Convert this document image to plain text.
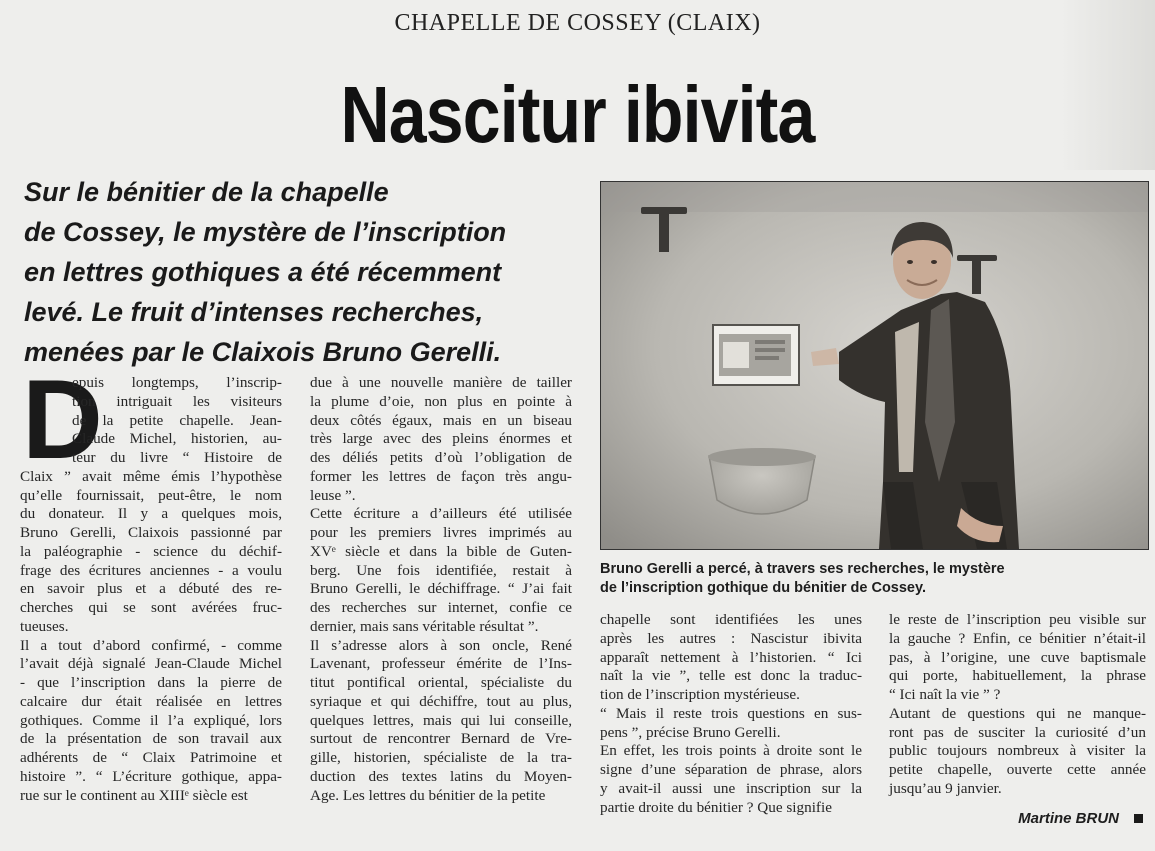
CHAPELLE DE COSSEY (CLAIX)
Nascitur ibivita
Sur le bénitier de la chapelle
de Cossey, le mystère de l’inscription
en lettres gothiques a été récemment
levé. Le fruit d’intenses recherches,
menées par le Claixois Bruno Gerelli.
D
epuis longtemps, l’inscrip-
tion intriguait les visiteurs
de la petite chapelle. Jean-
Claude Michel, historien, au-
teur du livre “ Histoire de
Claix ” avait même émis l’hypothèse
qu’elle fournissait, peut-être, le nom
du donateur. Il y a quelques mois,
Bruno Gerelli, Claixois passionné par
la paléographie - science du déchif-
frage des écritures anciennes - a voulu
en savoir plus et a débuté des re-
cherches qui se sont avérées fruc-
tueuses.
Il a tout d’abord confirmé, - comme
l’avait déjà signalé Jean-Claude Michel
- que l’inscription dans la pierre de
calcaire dur était réalisée en lettres
gothiques. Comme il l’a expliqué, lors
de la présentation de son travail aux
adhérents de “ Claix Patrimoine et
histoire ”. “ L’écriture gothique, appa-
rue sur le continent au XIIIᵉ siècle est
due à une nouvelle manière de tailler
la plume d’oie, non plus en pointe à
deux côtés égaux, mais en un biseau
très large avec des pleins énormes et
des déliés petits d’où l’obligation de
former les lettres de façon très angu-
leuse ”.
Cette écriture a d’ailleurs été utilisée
pour les premiers livres imprimés au
XVᵉ siècle et dans la bible de Guten-
berg. Une fois identifiée, restait à
Bruno Gerelli, le déchiffrage. “ J’ai fait
des recherches sur internet, confie ce
dernier, mais sans véritable résultat ”.
Il s’adresse alors à son oncle, René
Lavenant, professeur émérite de l’Ins-
titut pontifical oriental, spécialiste du
syriaque et qui déchiffre, tout au plus,
quelques lettres, mais qui lui conseille,
surtout de rencontrer Bernard de Vre-
gille, historien, spécialiste de la tra-
duction des textes latins du Moyen-
Age. Les lettres du bénitier de la petite
chapelle sont identifiées les unes
après les autres : Nascistur ibivita
apparaît nettement à l’historien. “ Ici
naît la vie ”, telle est donc la traduc-
tion de l’inscription mystérieuse.
“ Mais il reste trois questions en sus-
pens ”, précise Bruno Gerelli.
En effet, les trois points à droite sont le
signe d’une séparation de phrase, alors
y avait-il aussi une inscription sur la
partie droite du bénitier ? Que signifie
le reste de l’inscription peu visible sur
la gauche ? Enfin, ce bénitier n’était-il
pas, à l’origine, une cuve baptismale
qui porte, habituellement, la phrase
“ Ici naît la vie ” ?
Autant de questions qui ne manque-
ront pas de susciter la curiosité d’un
public toujours nombreux à visiter la
petite chapelle, ouverte cette année
jusqu’au 9 janvier.
Bruno Gerelli a percé, à travers ses recherches, le mystère
de l’inscription gothique du bénitier de Cossey.
Martine BRUN
